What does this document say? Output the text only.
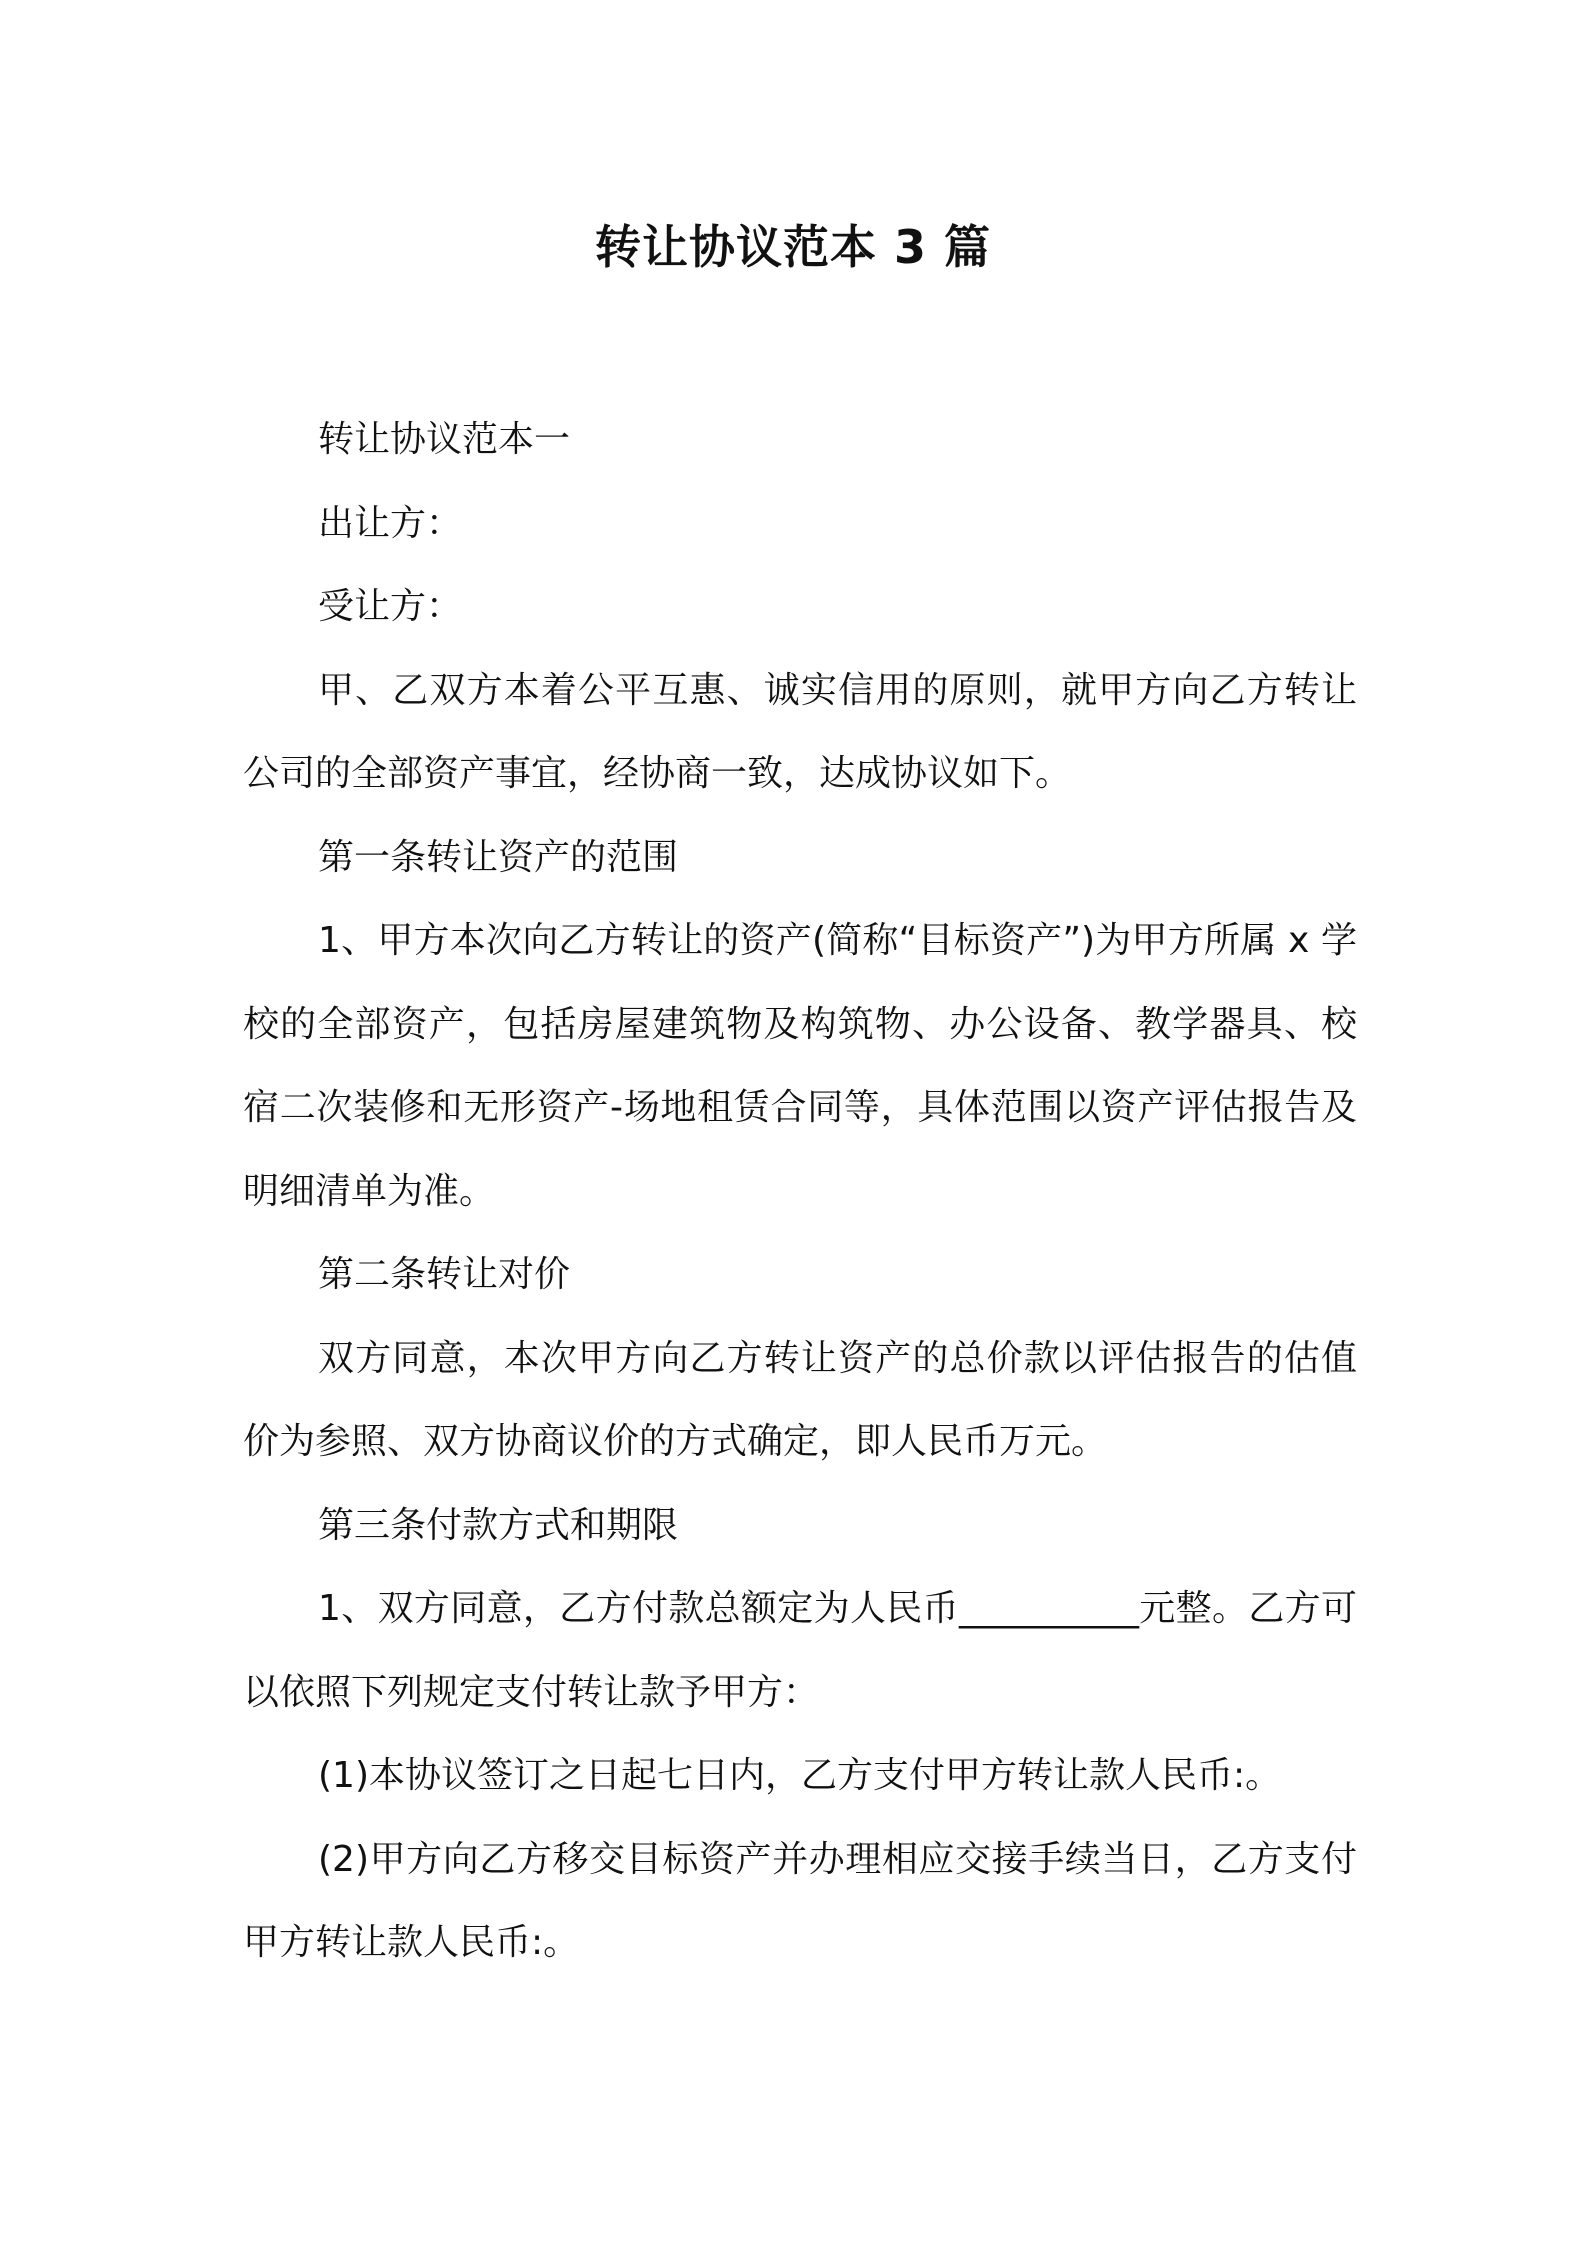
转让协议范本 3 篇

转让协议范本一

出让方：

受让方：

甲、乙双方本着公平互惠、诚实信用的原则，就甲方向乙方转让公司的全部资产事宜，经协商一致，达成协议如下。

第一条转让资产的范围

1、甲方本次向乙方转让的资产(简称“目标资产”)为甲方所属 x 学校的全部资产，包括房屋建筑物及构筑物、办公设备、教学器具、校宿二次装修和无形资产-场地租赁合同等，具体范围以资产评估报告及明细清单为准。

第二条转让对价

双方同意，本次甲方向乙方转让资产的总价款以评估报告的估值价为参照、双方协商议价的方式确定，即人民币万元。

第三条付款方式和期限

1、双方同意，乙方付款总额定为人民币__________元整。乙方可以依照下列规定支付转让款予甲方：

(1)本协议签订之日起七日内，乙方支付甲方转让款人民币:。

(2)甲方向乙方移交目标资产并办理相应交接手续当日，乙方支付甲方转让款人民币:。
